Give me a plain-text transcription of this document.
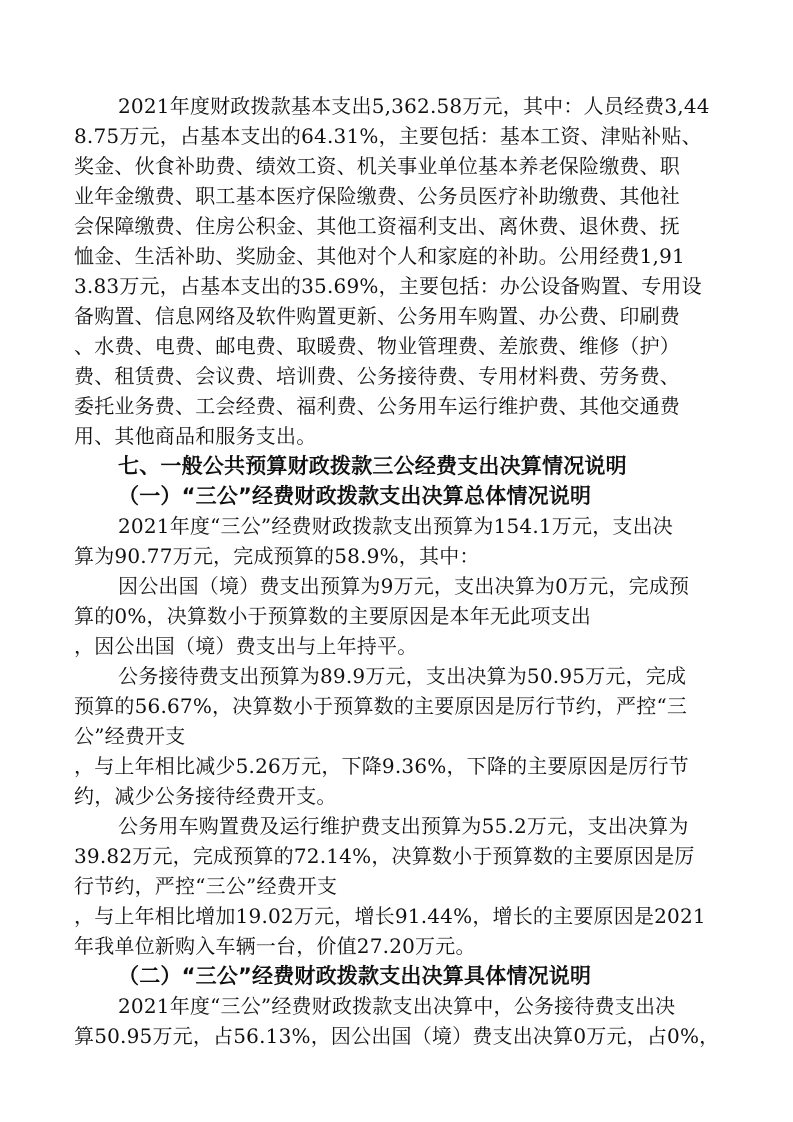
2021年度财政拨款基本支出5,362.58万元，其中：人员经费3,44
8.75万元，占基本支出的64.31%，主要包括：基本工资、津贴补贴、
奖金、伙食补助费、绩效工资、机关事业单位基本养老保险缴费、职
业年金缴费、职工基本医疗保险缴费、公务员医疗补助缴费、其他社
会保障缴费、住房公积金、其他工资福利支出、离休费、退休费、抚
恤金、生活补助、奖励金、其他对个人和家庭的补助。公用经费1,91
3.83万元，占基本支出的35.69%，主要包括：办公设备购置、专用设
备购置、信息网络及软件购置更新、公务用车购置、办公费、印刷费
、水费、电费、邮电费、取暖费、物业管理费、差旅费、维修（护）
费、租赁费、会议费、培训费、公务接待费、专用材料费、劳务费、
委托业务费、工会经费、福利费、公务用车运行维护费、其他交通费
用、其他商品和服务支出。
七、一般公共预算财政拨款三公经费支出决算情况说明
（一）“三公”经费财政拨款支出决算总体情况说明
2021年度“三公”经费财政拨款支出预算为154.1万元，支出决
算为90.77万元，完成预算的58.9%，其中：
因公出国（境）费支出预算为9万元，支出决算为0万元，完成预
算的0%，决算数小于预算数的主要原因是本年无此项支出
，因公出国（境）费支出与上年持平。
公务接待费支出预算为89.9万元，支出决算为50.95万元，完成
预算的56.67%，决算数小于预算数的主要原因是厉行节约，严控“三
公”经费开支
，与上年相比减少5.26万元，下降9.36%，下降的主要原因是厉行节
约，减少公务接待经费开支。
公务用车购置费及运行维护费支出预算为55.2万元，支出决算为
39.82万元，完成预算的72.14%，决算数小于预算数的主要原因是厉
行节约，严控“三公”经费开支
，与上年相比增加19.02万元，增长91.44%，增长的主要原因是2021
年我单位新购入车辆一台，价值27.20万元。
（二）“三公”经费财政拨款支出决算具体情况说明
2021年度“三公”经费财政拨款支出决算中，公务接待费支出决
算50.95万元，占56.13%，因公出国（境）费支出决算0万元，占0%，
